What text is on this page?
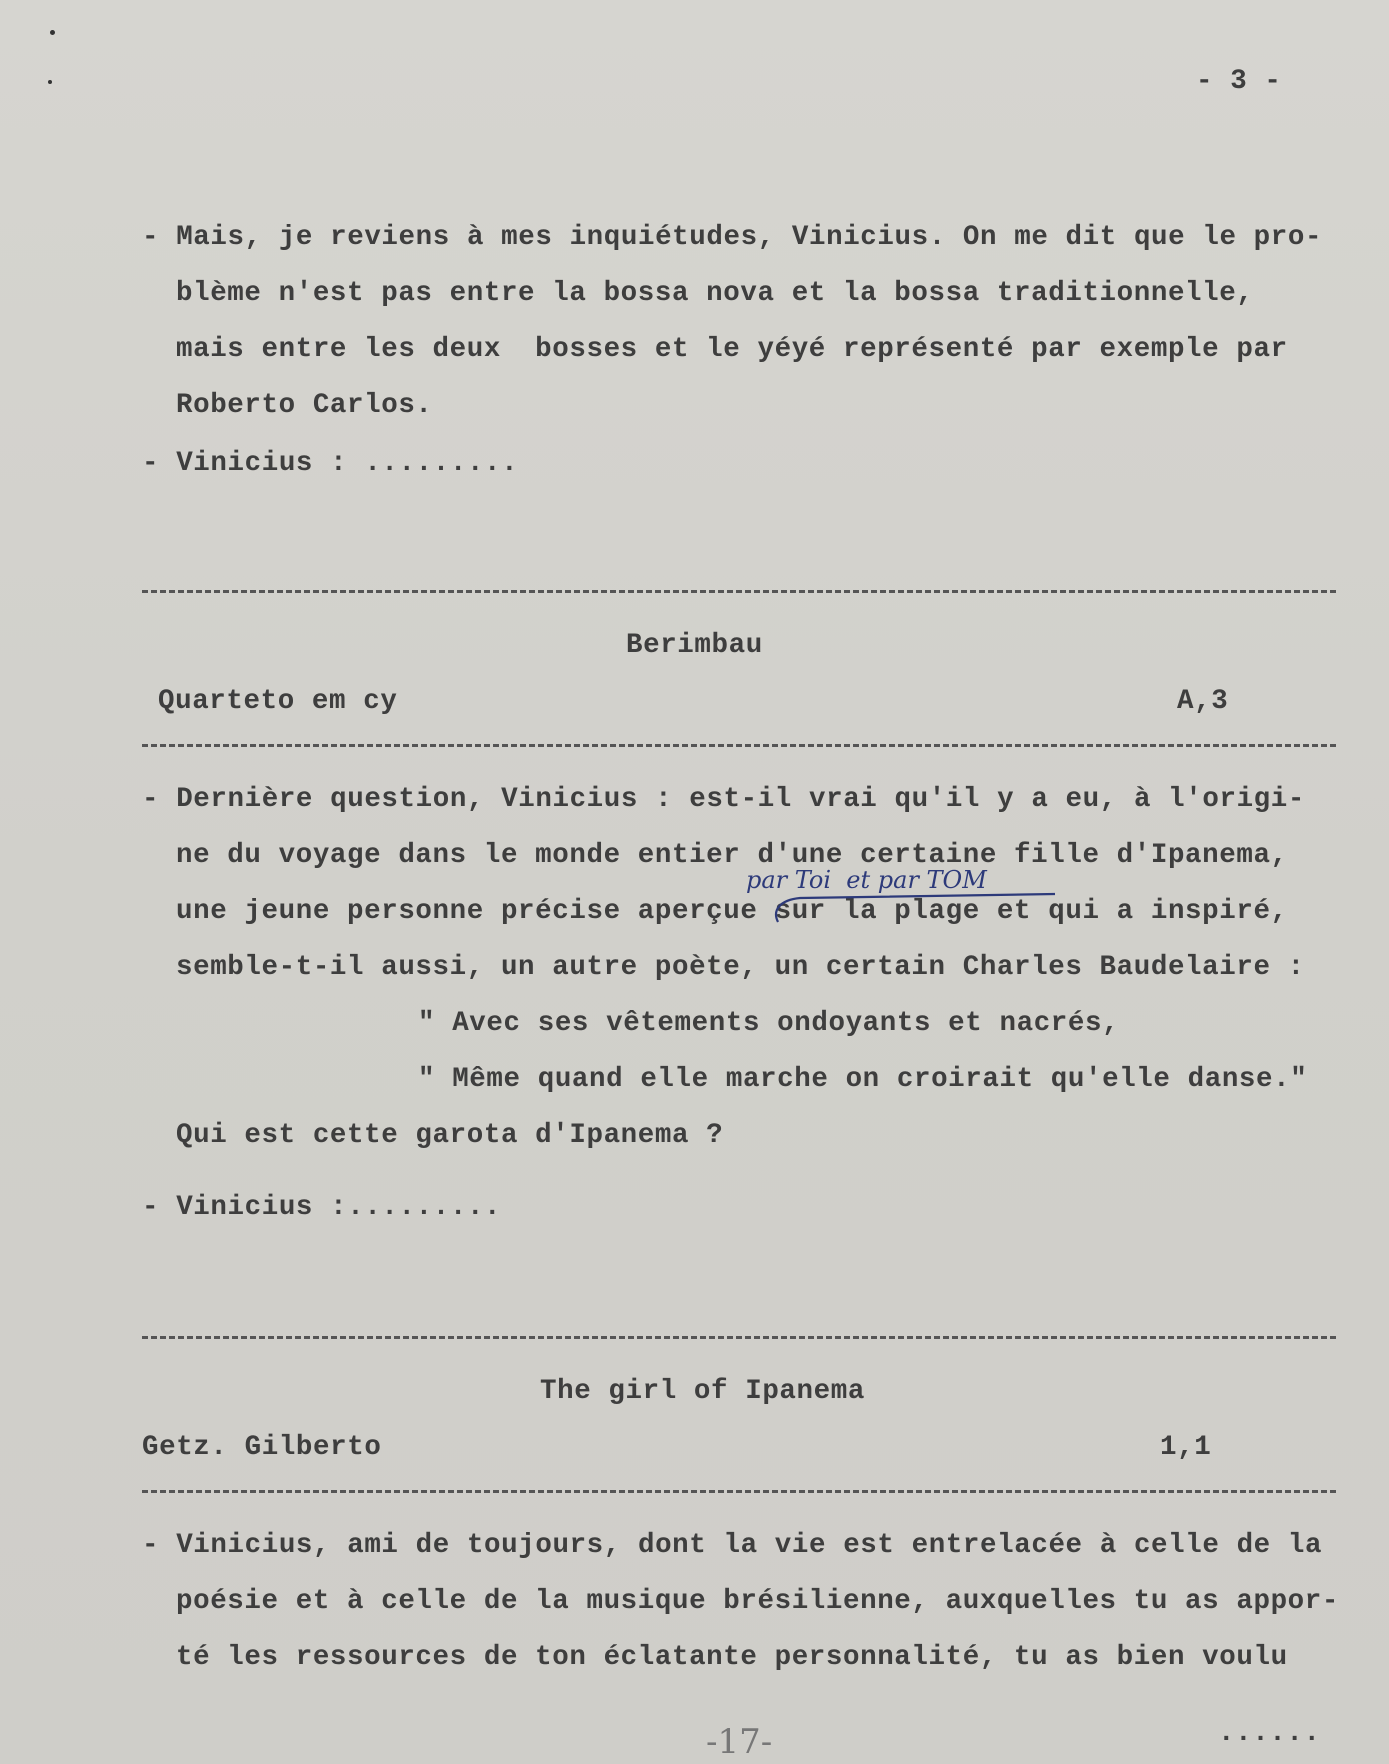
- 3 -
- Mais, je reviens à mes inquiétudes, Vinicius. On me dit que le pro-
blème n'est pas entre la bossa nova et la bossa traditionnelle,
mais entre les deux  bosses et le yéyé représenté par exemple par
Roberto Carlos.
- Vinicius : .........
Berimbau
Quarteto em cy	A,3
- Dernière question, Vinicius : est-il vrai qu'il y a eu, à l'origi-
ne du voyage dans le monde entier d'une certaine fille d'Ipanema,
une jeune personne précise aperçue sur la plage et qui a inspiré,
semble-t-il aussi, un autre poète, un certain Charles Baudelaire :
par Toi  et par TOM
" Avec ses vêtements ondoyants et nacrés,
" Même quand elle marche on croirait qu'elle danse."
Qui est cette garota d'Ipanema ?
- Vinicius :.........
The girl of Ipanema
Getz. Gilberto	1,1
- Vinicius, ami de toujours, dont la vie est entrelacée à celle de la
poésie et à celle de la musique brésilienne, auxquelles tu as appor-
té les ressources de ton éclatante personnalité, tu as bien voulu
......
-17-
